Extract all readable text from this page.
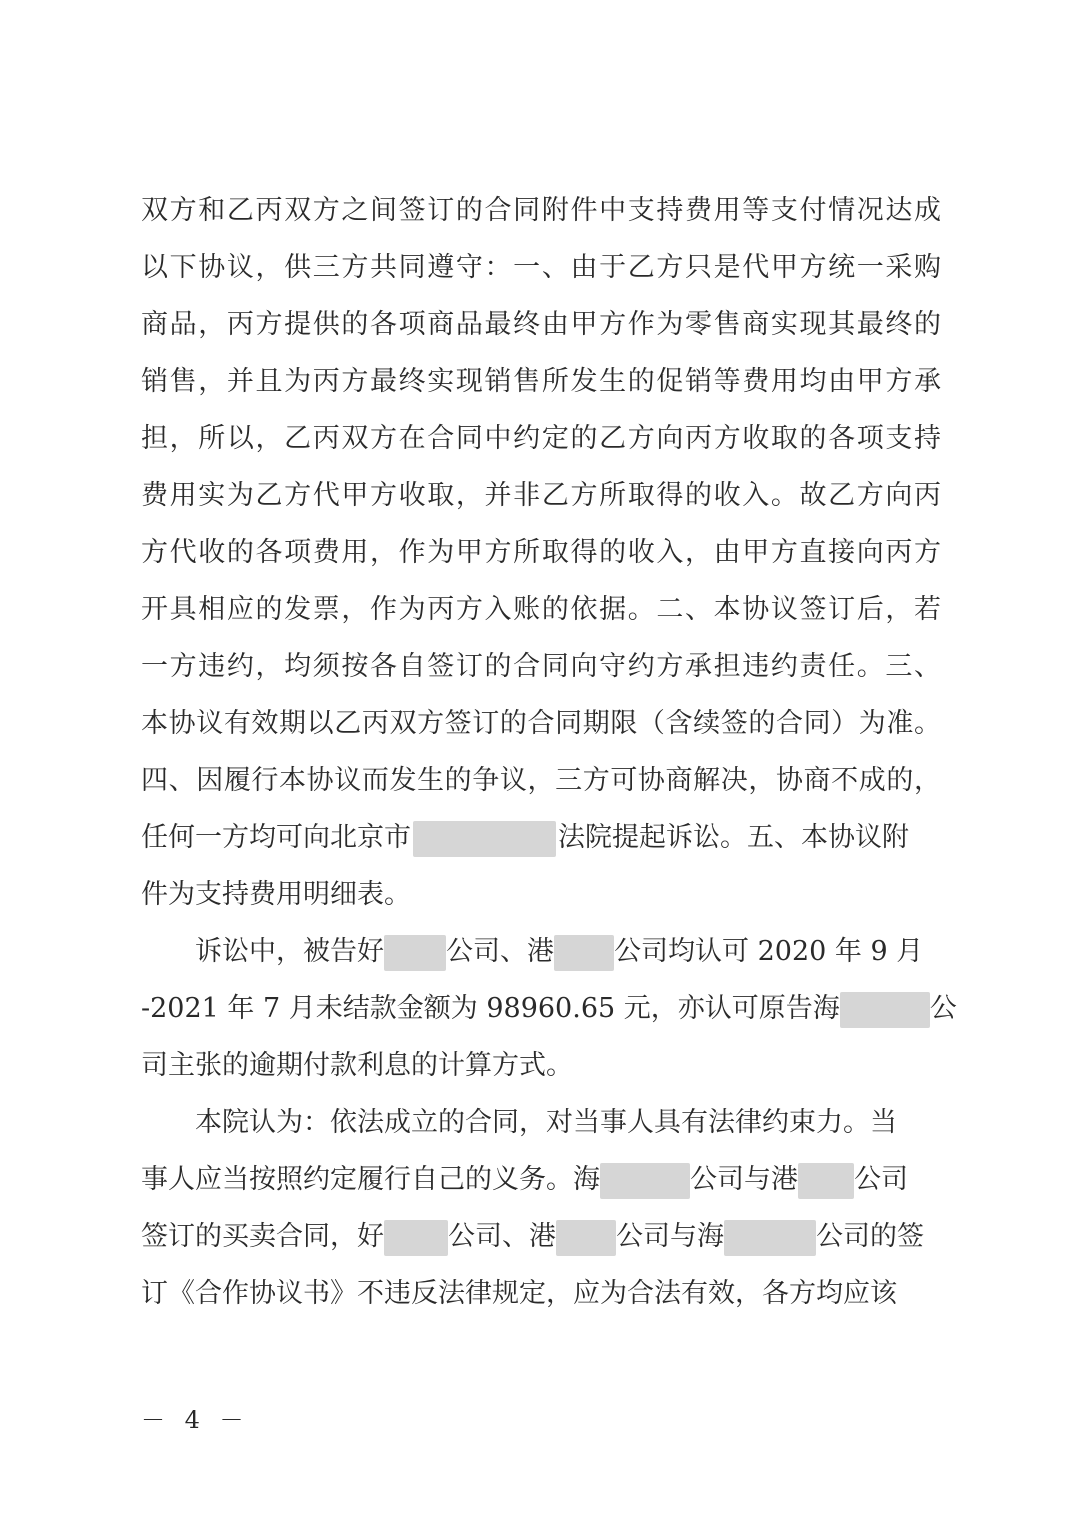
双方和乙丙双方之间签订的合同附件中支持费用等支付情况达成
以下协议，供三方共同遵守：一、由于乙方只是代甲方统一采购
商品，丙方提供的各项商品最终由甲方作为零售商实现其最终的
销售，并且为丙方最终实现销售所发生的促销等费用均由甲方承
担，所以，乙丙双方在合同中约定的乙方向丙方收取的各项支持
费用实为乙方代甲方收取，并非乙方所取得的收入。故乙方向丙
方代收的各项费用，作为甲方所取得的收入，由甲方直接向丙方
开具相应的发票，作为丙方入账的依据。二、本协议签订后，若
一方违约，均须按各自签订的合同向守约方承担违约责任。三、
本协议有效期以乙丙双方签订的合同期限（含续签的合同）为准。
四、因履行本协议而发生的争议，三方可协商解决，协商不成的，
任何一方均可向北京市	法院提起诉讼。五、本协议附
件为支持费用明细表。
诉讼中，被告好 公司、港 公司均认可 2020 年 9 月
-2021 年 7 月未结款金额为 98960.65 元，亦认可原告海	公
司主张的逾期付款利息的计算方式。
本院认为：依法成立的合同，对当事人具有法律约束力。当
事人应当按照约定履行自己的义务。海	公司与港 公司
签订的买卖合同，好 公司、港 公司与海	公司的签
订《合作协议书》不违反法律规定，应为合法有效，各方均应该
－ 4 －
